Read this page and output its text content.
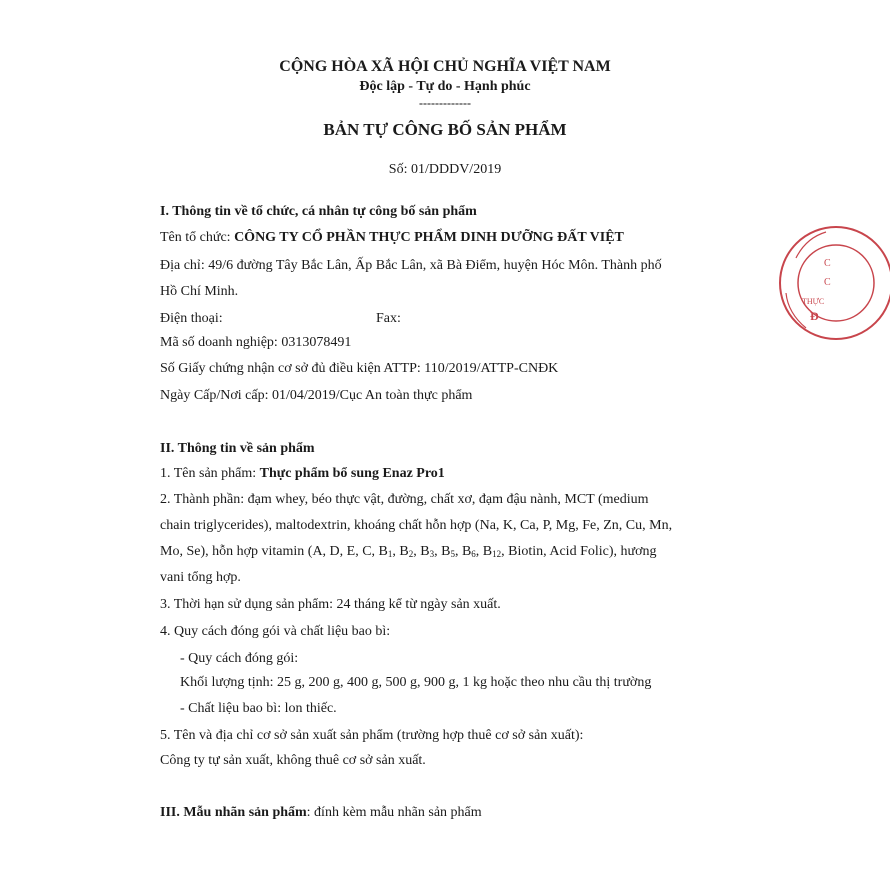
CỘNG HÒA XÃ HỘI CHỦ NGHĨA VIỆT NAM
Độc lập - Tự do - Hạnh phúc
-------------
BẢN TỰ CÔNG BỐ SẢN PHẨM
Số: 01/DDDV/2019
I. Thông tin về tổ chức, cá nhân tự công bố sản phẩm
Tên tổ chức: CÔNG TY CỔ PHẦN THỰC PHẨM DINH DƯỠNG ĐẤT VIỆT
Địa chỉ: 49/6 đường Tây Bắc Lân, Ấp Bắc Lân, xã Bà Điểm, huyện Hóc Môn. Thành phố
Hồ Chí Minh.
Điện thoại:	Fax:
Mã số doanh nghiệp: 0313078491
Số Giấy chứng nhận cơ sở đủ điều kiện ATTP: 110/2019/ATTP-CNĐK
Ngày Cấp/Nơi cấp: 01/04/2019/Cục An toàn thực phẩm
II. Thông tin về sản phẩm
1. Tên sản phẩm: Thực phẩm bổ sung Enaz Pro1
2. Thành phần: đạm whey, béo thực vật, đường, chất xơ, đạm đậu nành, MCT (medium
chain triglycerides), maltodextrin, khoáng chất hỗn hợp (Na, K, Ca, P, Mg, Fe, Zn, Cu, Mn,
Mo, Se), hỗn hợp vitamin (A, D, E, C, $B_1$, $B_2$, $B_3$, $B_5$, $B_6$, $B_{12}$, Biotin, Acid Folic), hương
vani tổng hợp.
3. Thời hạn sử dụng sản phẩm: 24 tháng kể từ ngày sản xuất.
4. Quy cách đóng gói và chất liệu bao bì:
- Quy cách đóng gói:
Khối lượng tịnh: 25 g, 200 g, 400 g, 500 g, 900 g, 1 kg hoặc theo nhu cầu thị trường
- Chất liệu bao bì: lon thiếc.
5. Tên và địa chỉ cơ sở sản xuất sản phẩm (trường hợp thuê cơ sở sản xuất):
Công ty tự sản xuất, không thuê cơ sở sản xuất.
III. Mẫu nhãn sản phẩm: đính kèm mẫu nhãn sản phẩm
C
C
THỰC
Đ
